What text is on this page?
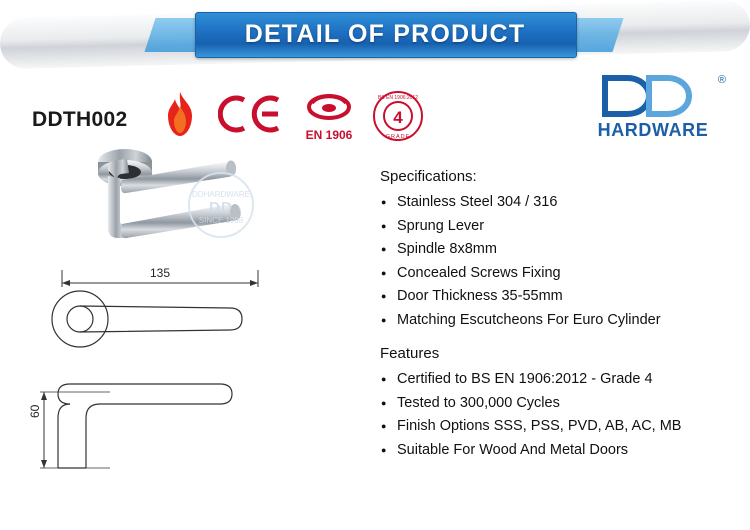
DETAIL OF PRODUCT
DDTH002
EN 1906
4
BS EN 1906:2012
GRADE
®
HARDWARE
DDHARDWARE
DD
SINCE 1998
135
60
Specifications:
● Stainless Steel 304 / 316
● Sprung Lever
● Spindle 8x8mm
● Concealed Screws Fixing
● Door Thickness 35-55mm
● Matching Escutcheons For Euro Cylinder
Features
● Certified to BS EN 1906:2012 - Grade 4
● Tested to 300,000 Cycles
● Finish Options SSS, PSS, PVD, AB, AC, MB
● Suitable For Wood And Metal Doors
